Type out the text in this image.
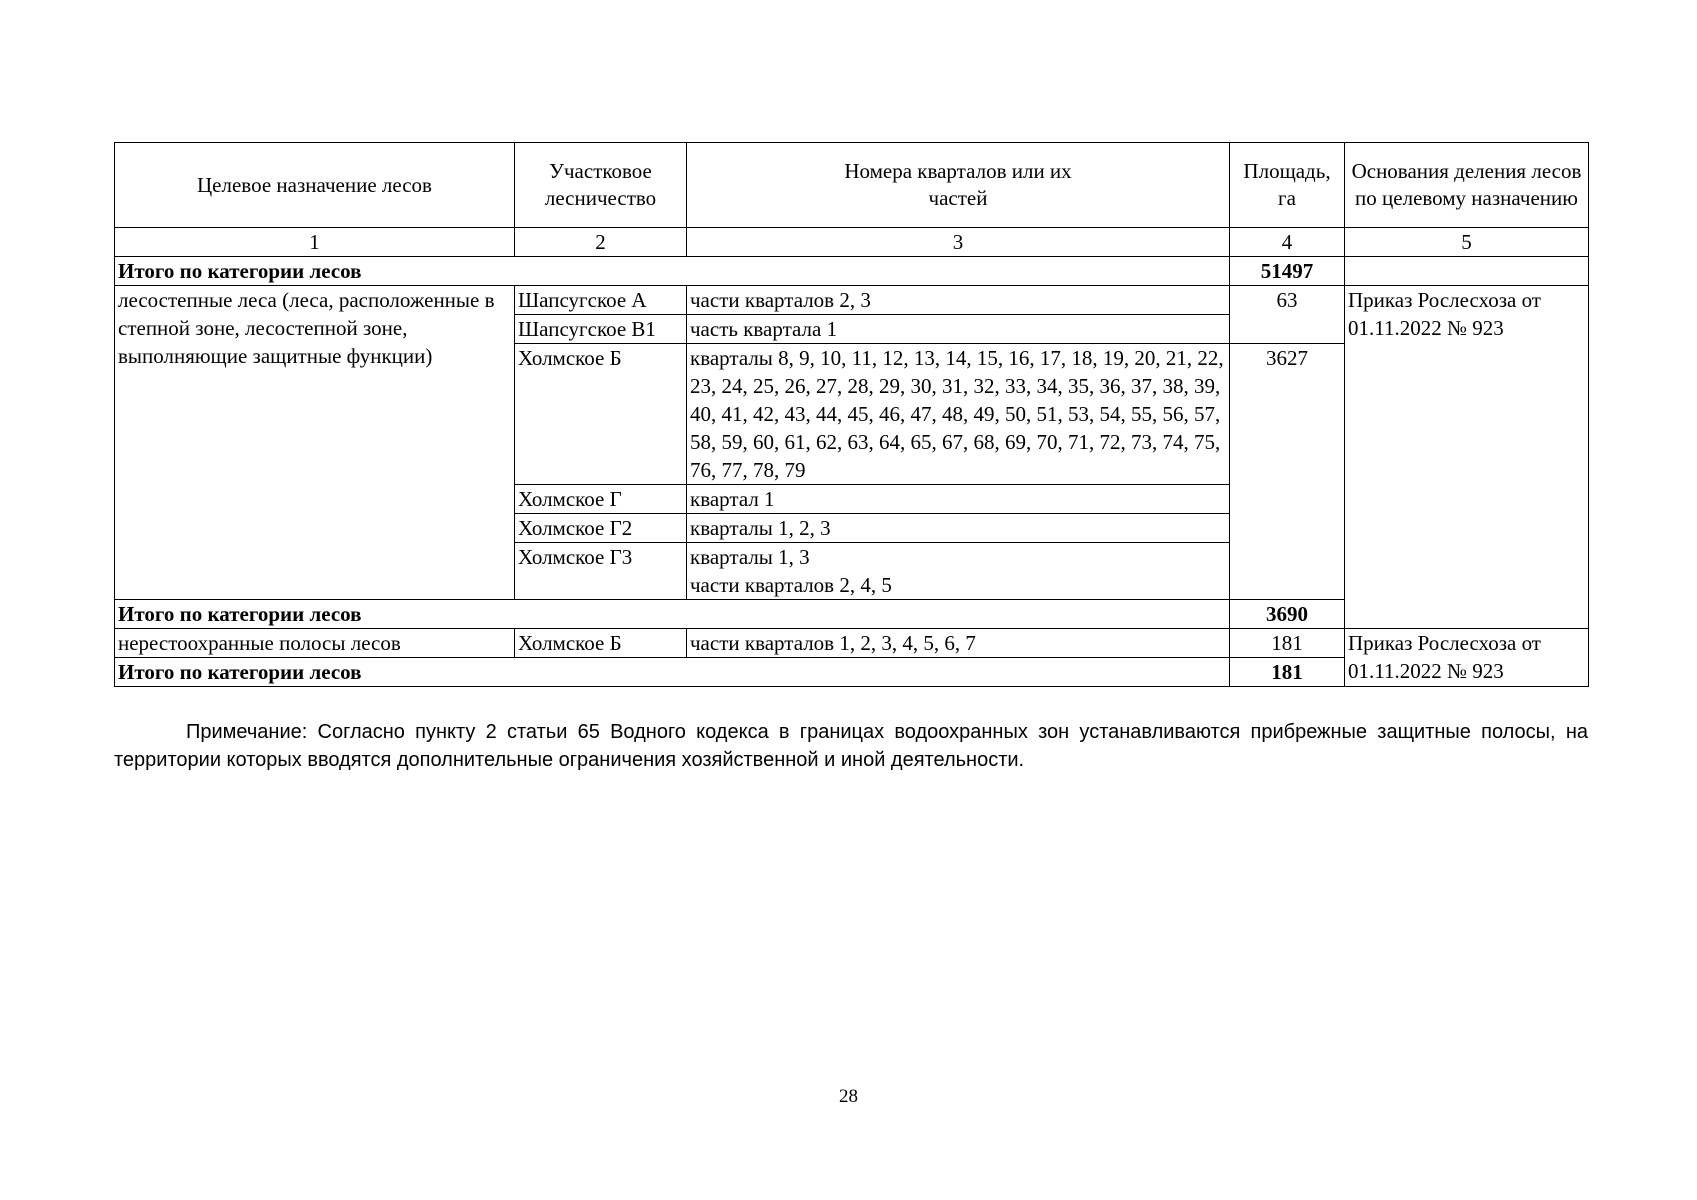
Целевое назначение лесов	Участковое лесничество	Номера кварталов или их частей	Площадь, га	Основания деления лесов по целевому назначению
1	2	3	4	5
Итого по категории лесов			51497	
лесостепные леса (леса, расположенные в степной зоне, лесостепной зоне, выполняющие защитные функции)	Шапсугское А	части кварталов 2, 3	63	Приказ Рослесхоза от 01.11.2022 № 923
	Шапсугское В1	часть квартала 1		
	Холмское Б	кварталы 8, 9, 10, 11, 12, 13, 14, 15, 16, 17, 18, 19, 20, 21, 22, 23, 24, 25, 26, 27, 28, 29, 30, 31, 32, 33, 34, 35, 36, 37, 38, 39, 40, 41, 42, 43, 44, 45, 46, 47, 48, 49, 50, 51, 53, 54, 55, 56, 57, 58, 59, 60, 61, 62, 63, 64, 65, 67, 68, 69, 70, 71, 72, 73, 74, 75, 76, 77, 78, 79	3627	
	Холмское Г	квартал 1		
	Холмское Г2	кварталы 1, 2, 3		
	Холмское Г3	кварталы 1, 3
части кварталов 2, 4, 5		

Итого по категории лесов			3690	
нерестоохранные полосы лесов	Холмское Б	части кварталов 1, 2, 3, 4, 5, 6, 7	181	Приказ Рослесхоза от 01.11.2022 № 923
Итого по категории лесов			181	
Примечание: Согласно пункту 2 статьи 65 Водного кодекса в границах водоохранных зон устанавливаются прибрежные защитные полосы, на территории которых вводятся дополнительные ограничения хозяйственной и иной деятельности.
28
